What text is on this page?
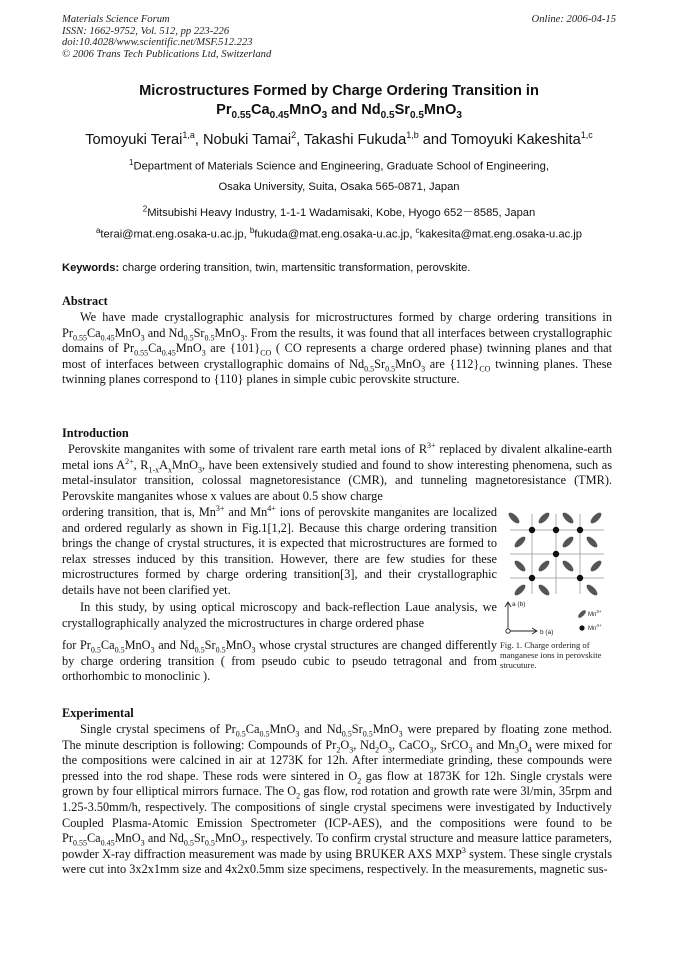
Materials Science Forum
ISSN: 1662-9752, Vol. 512, pp 223-226
doi:10.4028/www.scientific.net/MSF.512.223
© 2006 Trans Tech Publications Ltd, Switzerland
Online: 2006-04-15
Microstructures Formed by Charge Ordering Transition in
$Pr_{0.55}Ca_{0.45}MnO_3$ and $Nd_{0.5}Sr_{0.5}MnO_3$
Tomoyuki Terai$^{1,a}$, Nobuki Tamai$^2$, Takashi Fukuda$^{1,b}$ and Tomoyuki Kakeshita$^{1,c}$
$^1$Department of Materials Science and Engineering, Graduate School of Engineering,
Osaka University, Suita, Osaka 565-0871, Japan
$^2$Mitsubishi Heavy Industry, 1-1-1 Wadamisaki, Kobe, Hyogo 652－8585, Japan
$^a$terai@mat.eng.osaka-u.ac.jp, $^b$fukuda@mat.eng.osaka-u.ac.jp, $^c$kakesita@mat.eng.osaka-u.ac.jp
Keywords: charge ordering transition, twin, martensitic transformation, perovskite.
Abstract

We have made crystallographic analysis for microstructures formed by charge ordering transitions in $Pr_{0.55}Ca_{0.45}MnO_3$ and $Nd_{0.5}Sr_{0.5}MnO_3$. From the results, it was found that all interfaces between crystallographic domains of $Pr_{0.55}Ca_{0.45}MnO_3$ are $\{101\}_{CO}$ ( CO represents a charge ordered phase) twinning planes and that most of interfaces between crystallographic domains of $Nd_{0.5}Sr_{0.5}MnO_3$ are $\{112\}_{CO}$ twinning planes. These twinning planes correspond to {110} planes in simple cubic perovskite structure.

Introduction

Perovskite manganites with some of trivalent rare earth metal ions of $R^{3+}$ replaced by divalent alkaline-earth metal ions $A^{2+}$, $R_{1-x}A_xMnO_3$, have been extensively studied and found to show interesting phenomena, such as metal-insulator transition, colossal magnetoresistance (CMR), and tunneling magnetoresistance (TMR). Perovskite manganites whose x values are about 0.5 show charge

ordering transition, that is, $Mn^{3+}$ and $Mn^{4+}$ ions of perovskite manganites are localized and ordered regularly as shown in Fig.1[1,2]. Because this charge ordering transition brings the change of crystal structures, it is expected that microstructures are formed to relax stresses induced by this transition. However, there are few studies for these microstructures formed by charge ordering transition[3], and their crystallographic details have not been clarified yet.

In this study, by using optical microscopy and back-reflection Laue analysis, we crystallographically analyzed the microstructures in charge ordered phase

for $Pr_{0.5}Ca_{0.5}MnO_3$ and $Nd_{0.5}Sr_{0.5}MnO_3$ whose crystal structures are changed differently by charge ordering transition ( from pseudo cubic to pseudo tetragonal and from orthorhombic to monoclinic ).

a (b)
b (a)
$Mn^{3+}$
$Mn^{4+}$
Fig. 1. Charge ordering of manganese ions in perovskite strucuture.
Experimental

Single crystal specimens of $Pr_{0.5}Ca_{0.5}MnO_3$ and $Nd_{0.5}Sr_{0.5}MnO_3$ were prepared by floating zone method. The minute description is following: Compounds of $Pr_2O_3$, $Nd_2O_3$, CaCO$_3$, SrCO$_3$ and $Mn_3O_4$ were mixed for the compositions were calcined in air at 1273K for 12h. After intermediate grinding, these compounds were pressed into the rod shape. These rods were sintered in $O_2$ gas flow at 1873K for 12h. Single crystals were grown by four elliptical mirrors furnace. The $O_2$ gas flow, rod rotation and growth rate were 3l/min, 35rpm and 1.25-3.50mm/h, respectively. The compositions of single crystal specimens were investigated by Inductively Coupled Plasma-Atomic Emission Spectrometer (ICP-AES), and the compositions were found to be $Pr_{0.55}Ca_{0.45}MnO_3$ and $Nd_{0.5}Sr_{0.5}MnO_3$, respectively. To confirm crystal structure and measure lattice parameters, powder X-ray diffraction measurement was made by using BRUKER AXS MXP$^3$ system. These single crystals were cut into 3x2x1mm size and 4x2x0.5mm size specimens, respectively. In the measurements, magnetic sus-
